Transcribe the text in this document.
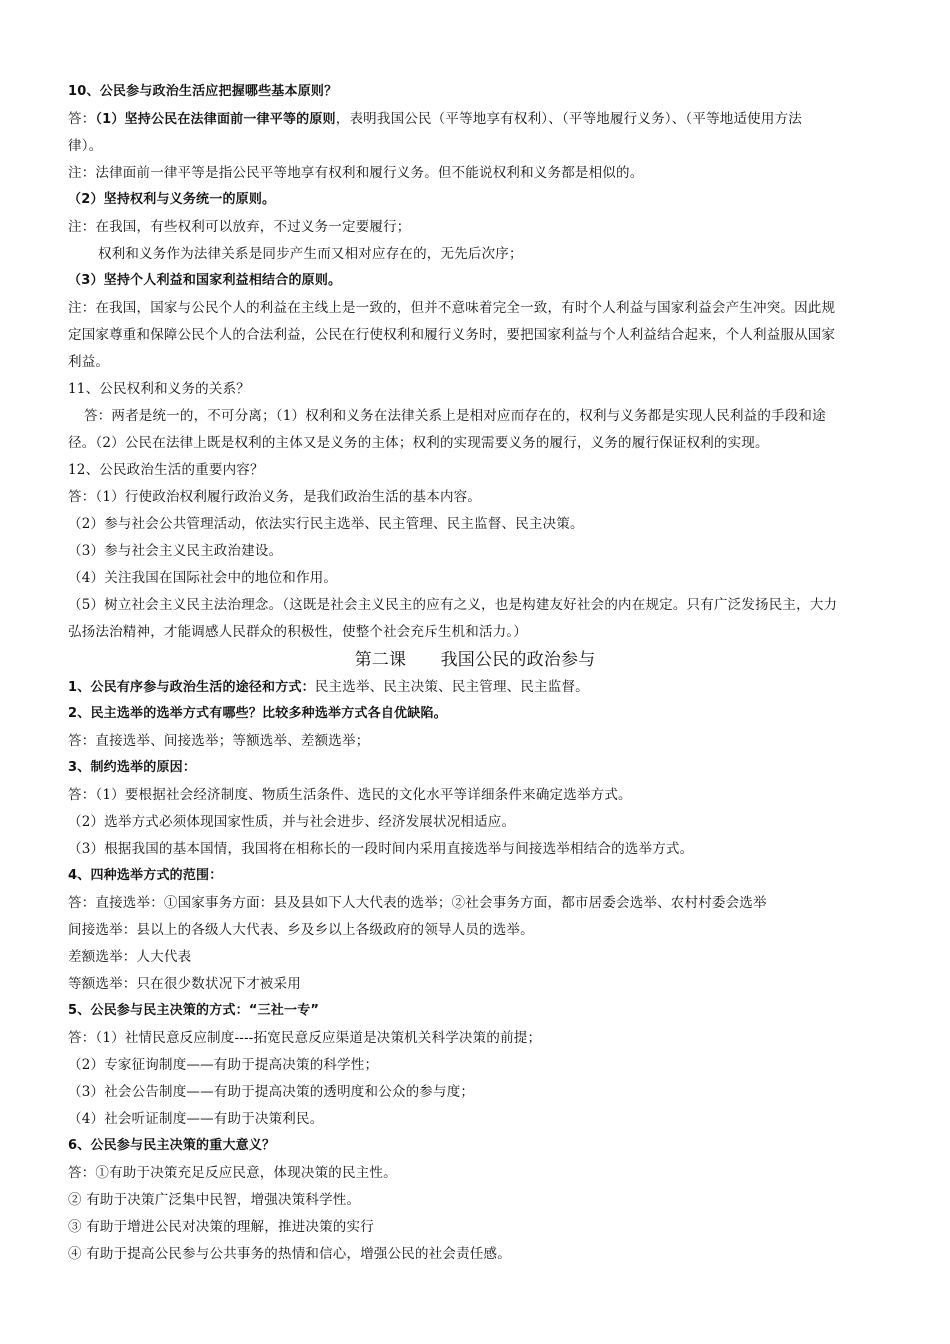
10、公民参与政治生活应把握哪些基本原则？
答：（1）坚持公民在法律面前一律平等的原则，表明我国公民（平等地享有权利）、（平等地履行义务）、（平等地适使用方法
律）。
注：法律面前一律平等是指公民平等地享有权利和履行义务。但不能说权利和义务都是相似的。
（2）坚持权利与义务统一的原则。
注：在我国，有些权利可以放弃，不过义务一定要履行；
权利和义务作为法律关系是同步产生而又相对应存在的，无先后次序；
（3）坚持个人利益和国家利益相结合的原则。
注：在我国，国家与公民个人的利益在主线上是一致的，但并不意味着完全一致，有时个人利益与国家利益会产生冲突。因此规
定国家尊重和保障公民个人的合法利益，公民在行使权利和履行义务时，要把国家利益与个人利益结合起来，个人利益服从国家
利益。
11、公民权利和义务的关系？
答：两者是统一的，不可分离；（1）权利和义务在法律关系上是相对应而存在的，权利与义务都是实现人民利益的手段和途
径。（2）公民在法律上既是权利的主体又是义务的主体；权利的实现需要义务的履行，义务的履行保证权利的实现。
12、公民政治生活的重要内容？
答：（1）行使政治权利履行政治义务，是我们政治生活的基本内容。
（2）参与社会公共管理活动，依法实行民主选举、民主管理、民主监督、民主决策。
（3）参与社会主义民主政治建设。
（4）关注我国在国际社会中的地位和作用。
（5）树立社会主义民主法治理念。（这既是社会主义民主的应有之义，也是构建友好社会的内在规定。只有广泛发扬民主，大力
弘扬法治精神，才能调感人民群众的积极性，使整个社会充斥生机和活力。）
第二课　　我国公民的政治参与
1、公民有序参与政治生活的途径和方式：民主选举、民主决策、民主管理、民主监督。
2、民主选举的选举方式有哪些？比较多种选举方式各自优缺陷。
答：直接选举、间接选举；等额选举、差额选举；
3、制约选举的原因：
答：（1）要根据社会经济制度、物质生活条件、选民的文化水平等详细条件来确定选举方式。
（2）选举方式必须体现国家性质，并与社会进步、经济发展状况相适应。
（3）根据我国的基本国情，我国将在相称长的一段时间内采用直接选举与间接选举相结合的选举方式。
4、四种选举方式的范围：
答：直接选举：①国家事务方面：县及县如下人大代表的选举；②社会事务方面，都市居委会选举、农村村委会选举
间接选举：县以上的各级人大代表、乡及乡以上各级政府的领导人员的选举。
差额选举：人大代表
等额选举：只在很少数状况下才被采用
5、公民参与民主决策的方式：“三社一专”
答：（1）社情民意反应制度----拓宽民意反应渠道是决策机关科学决策的前提；
（2）专家征询制度——有助于提高决策的科学性；
（3）社会公告制度——有助于提高决策的透明度和公众的参与度；
（4）社会听证制度——有助于决策利民。
6、公民参与民主决策的重大意义？
答：①有助于决策充足反应民意，体现决策的民主性。
② 有助于决策广泛集中民智，增强决策科学性。
③ 有助于增进公民对决策的理解，推进决策的实行
④ 有助于提高公民参与公共事务的热情和信心，增强公民的社会责任感。
